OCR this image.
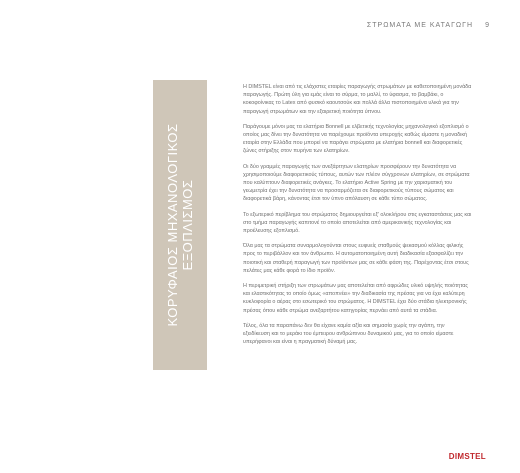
ΣΤΡΩΜΑΤΑ ΜΕ ΚΑΤΑΓΩΓΗ 9
ΚΟΡΥΦΑΙΟΣ ΜΗΧΑΝΟΛΟΓΙΚΟΣ ΕΞΟΠΛΙΣΜΟΣ

Η DIMSTEL είναι από τις ελάχιστες εταιρίες παραγωγής στρωμάτων με καθετοποιημένη μονάδα παραγωγής. Πρώτη ύλη για εμάς είναι το σύρμα, το μαλλί, το ύφασμα, το βαμβάκι, ο κοκοφοίνικας το Latex από φυσικό καουτσούκ και πολλά άλλα πιστοποιημένα υλικά για την παραγωγή στρωμάτων και την εξαιρετική ποιότητα ύπνου.

Παράγουμε μόνοι μας τα ελατήρια Bonnell με ελβετικής τεχνολογίας μηχανολογικό εξοπλισμό ο οποίος μας δίνει την δυνατότητα να παρέχουμε προϊόντα υπεροχής καθώς είμαστε η μοναδική εταιρία στην Ελλάδα που μπορεί να παράγει στρώματα με ελατήρια bonnell και διαφορετικές ζώνες στήριξης στον πυρήνα των ελατηρίων.

Οι δύο γραμμές παραγωγής των ανεξάρτητων ελατηρίων προσφέρουν την δυνατότητα να χρησιμοποιούμε διαφορετικούς τύπους, αυτών των πλέον σύγχρονων ελατηρίων, σε στρώματα που καλύπτουν διαφορετικές ανάγκες. Το ελατήριο Active Spring με την χαρισματική του γεωμετρία έχει την δυνατότητα να προσαρμόζεται σε διαφορετικούς τύπους σώματος και διαφορετικά βάρη, κάνοντας έτσι τον ύπνο απόλαυση σε κάθε τύπο σώματος.

Το εξωτερικό περίβλημα του στρώματος δημιουργείται εξ' ολοκλήρου στις εγκαταστάσεις μας και στο τμήμα παραγωγής καπιτονέ το οποίο αποτελείται από αμερικανικής τεχνολογίας και προέλευσης εξοπλισμό.

Όλα μας τα στρώματα συναρμολογούνται στους ευφυείς σταθμούς ψεκασμού κόλλας φιλικής προς το περιβάλλον και τον άνθρωπο. Η αυτοματοποιημένη αυτή διαδικασία εξασφαλίζει την ποιοτική και σταθερή παραγωγή των προϊόντων μας σε κάθε φάση της. Παρέχοντας έτσι στους πελάτες μας κάθε φορά το ίδιο προϊόν.

Η περιμετρική στήριξη των στρωμάτων μας αποτελείται από αφρώδες υλικό υψηλής ποιότητας και ελαστικότητας το οποίο όμως «αποπνέει» την διαδικασία της πρέσας για να έχει καλύτερη κυκλοφορία ο αέρας στο εσωτερικό του στρώματος. Η DIMSTEL έχει δύο στάδια ηλεκτρονικής πρέσας όπου κάθε στρώμα ανεξαρτήτου κατηγορίας περνάει από αυτά τα στάδια.

Τέλος, όλα τα παραπάνω δεν θα είχανε καμία αξία και σημασία χωρίς την αγάπη, την εξειδίκευση και το μεράκι του έμπειρου ανθρώπινου δυναμικού μας, για το οποίο είμαστε υπερήφανοι και είναι η πραγματική δύναμή μας.

DIMSTEL
